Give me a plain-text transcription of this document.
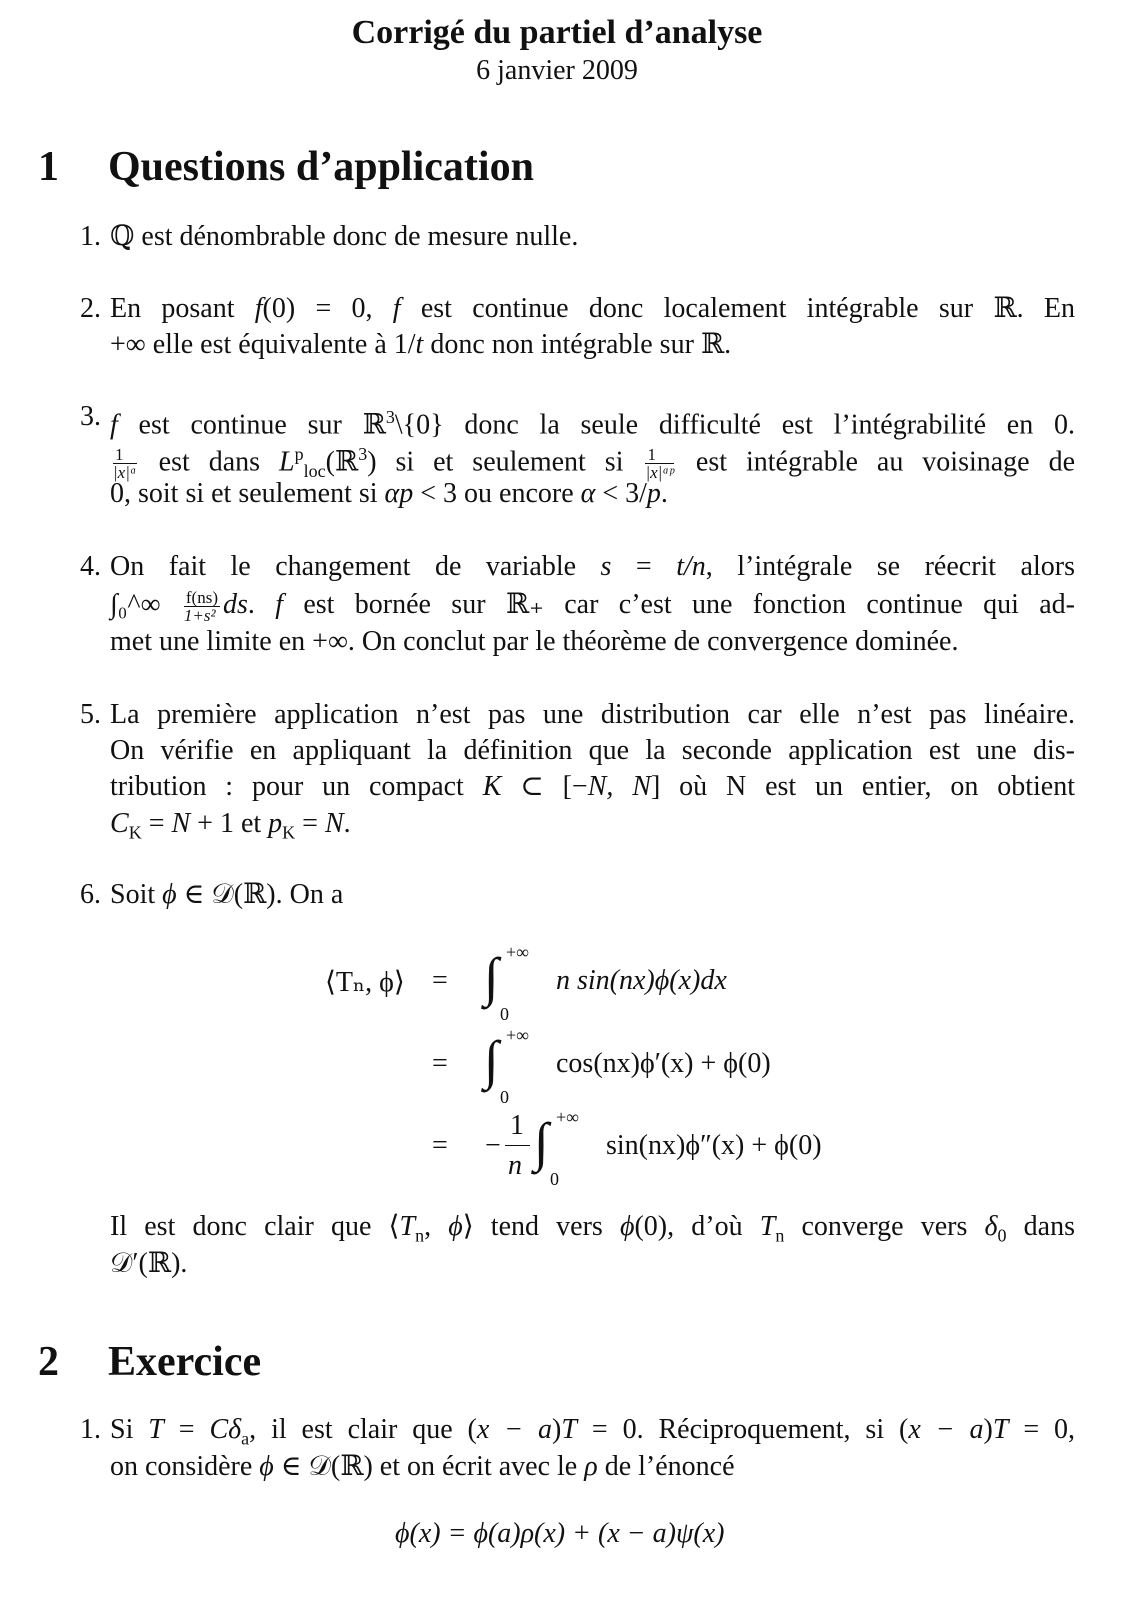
Corrigé du partiel d’analyse
6 janvier 2009
1 Questions d’application
⟨Tₙ, ϕ⟩ =
=
=
∫ +∞
0
n sin(nx)ϕ(x)dx
∫ +∞
0
cos(nx)ϕ′(x) + ϕ(0)
−
1
n ∫ +∞
0
sin(nx)ϕ″(x) + ϕ(0)
2 Exercice
ϕ(x) = ϕ(a)ρ(x) + (x − a)ψ(x)
1. ℚ est dénombrable donc de mesure nulle.
2. En posant f(0) = 0, f est continue donc localement intégrable sur ℝ. En
+∞ elle est équivalente à 1/t donc non intégrable sur ℝ.
3. f est continue sur ℝ$^3$\{0} donc la seule difficulté est l’intégrabilité en 0.
$\frac{1}{\text{|x|ᵅ}}$ est dans $L^p_{loc}(ℝ^3)$ si et seulement si $\frac{1}{\text{|x|ᵅᵖ}}$ est intégrable au voisinage de
0, soit si et seulement si αp < 3 ou encore α < 3/p.
4. On fait le changement de variable s = t/n, l’intégrale se réecrit alors
∫₀^∞ $\frac{f(ns)}{\text{1+s²}}$ ds. f est bornée sur ℝ₊ car c’est une fonction continue qui ad-
met une limite en +∞. On conclut par le théorème de convergence dominée.
5. La première application n’est pas une distribution car elle n’est pas linéaire.
On vérifie en appliquant la définition que la seconde application est une dis-
tribution : pour un compact K ⊂ [−N, N] où N est un entier, on obtient
$C_K = N + 1$ et $p_K = N$.
6. Soit ϕ ∈ 𝒟(ℝ). On a
Il est donc clair que $⟨T_n$, ϕ⟩ tend vers ϕ(0), d’où $T_n$ converge vers $\delta_0$ dans
𝒟′(ℝ).
1. Si $T = C\delta_a$, il est clair que (x − a)T = 0. Réciproquement, si (x − a)T = 0,
on considère ϕ ∈ 𝒟(ℝ) et on écrit avec le ρ de l’énoncé
